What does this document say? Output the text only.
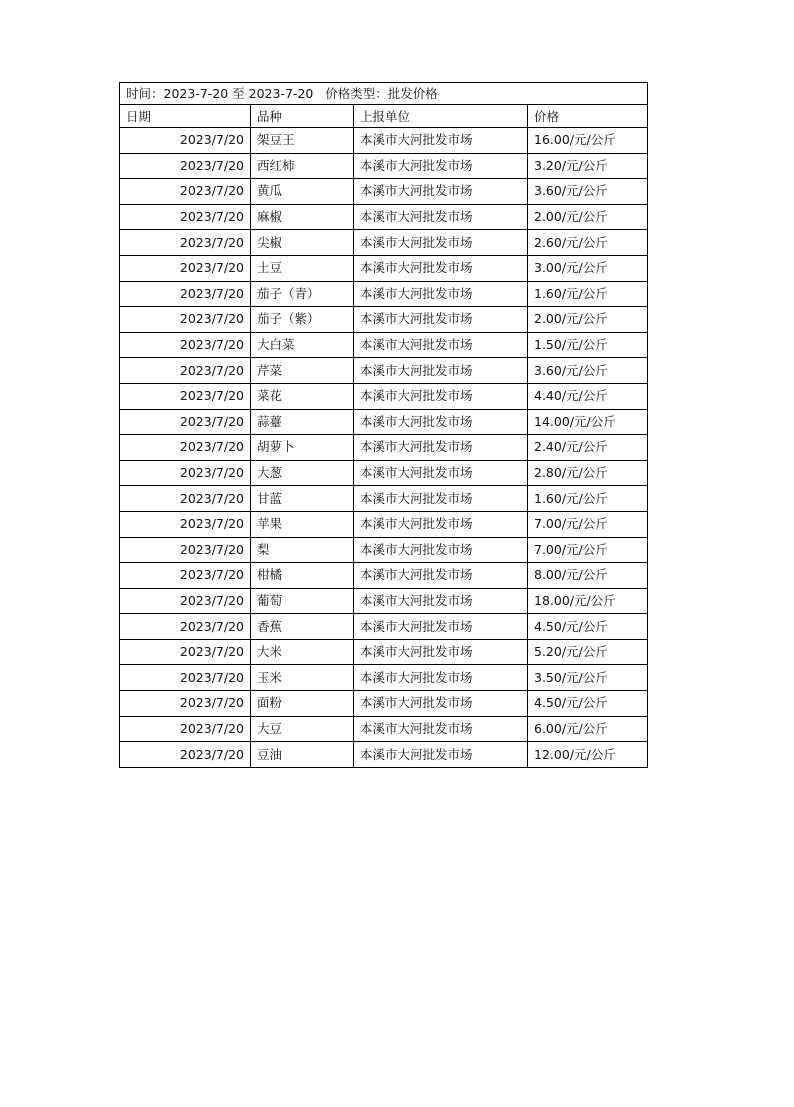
时间：2023-7-20 至 2023-7-20 价格类型：批发价格			
日期	品种	上报单位	价格
2023/7/20	架豆王	本溪市大河批发市场	16.00/元/公斤
2023/7/20	西红柿	本溪市大河批发市场	3.20/元/公斤
2023/7/20	黄瓜	本溪市大河批发市场	3.60/元/公斤
2023/7/20	麻椒	本溪市大河批发市场	2.00/元/公斤
2023/7/20	尖椒	本溪市大河批发市场	2.60/元/公斤
2023/7/20	土豆	本溪市大河批发市场	3.00/元/公斤
2023/7/20	茄子（青）	本溪市大河批发市场	1.60/元/公斤
2023/7/20	茄子（紫）	本溪市大河批发市场	2.00/元/公斤
2023/7/20	大白菜	本溪市大河批发市场	1.50/元/公斤
2023/7/20	芹菜	本溪市大河批发市场	3.60/元/公斤
2023/7/20	菜花	本溪市大河批发市场	4.40/元/公斤
2023/7/20	蒜薹	本溪市大河批发市场	14.00/元/公斤
2023/7/20	胡萝卜	本溪市大河批发市场	2.40/元/公斤
2023/7/20	大葱	本溪市大河批发市场	2.80/元/公斤
2023/7/20	甘蓝	本溪市大河批发市场	1.60/元/公斤
2023/7/20	苹果	本溪市大河批发市场	7.00/元/公斤
2023/7/20	梨	本溪市大河批发市场	7.00/元/公斤
2023/7/20	柑橘	本溪市大河批发市场	8.00/元/公斤
2023/7/20	葡萄	本溪市大河批发市场	18.00/元/公斤
2023/7/20	香蕉	本溪市大河批发市场	4.50/元/公斤
2023/7/20	大米	本溪市大河批发市场	5.20/元/公斤
2023/7/20	玉米	本溪市大河批发市场	3.50/元/公斤
2023/7/20	面粉	本溪市大河批发市场	4.50/元/公斤
2023/7/20	大豆	本溪市大河批发市场	6.00/元/公斤
2023/7/20	豆油	本溪市大河批发市场	12.00/元/公斤
